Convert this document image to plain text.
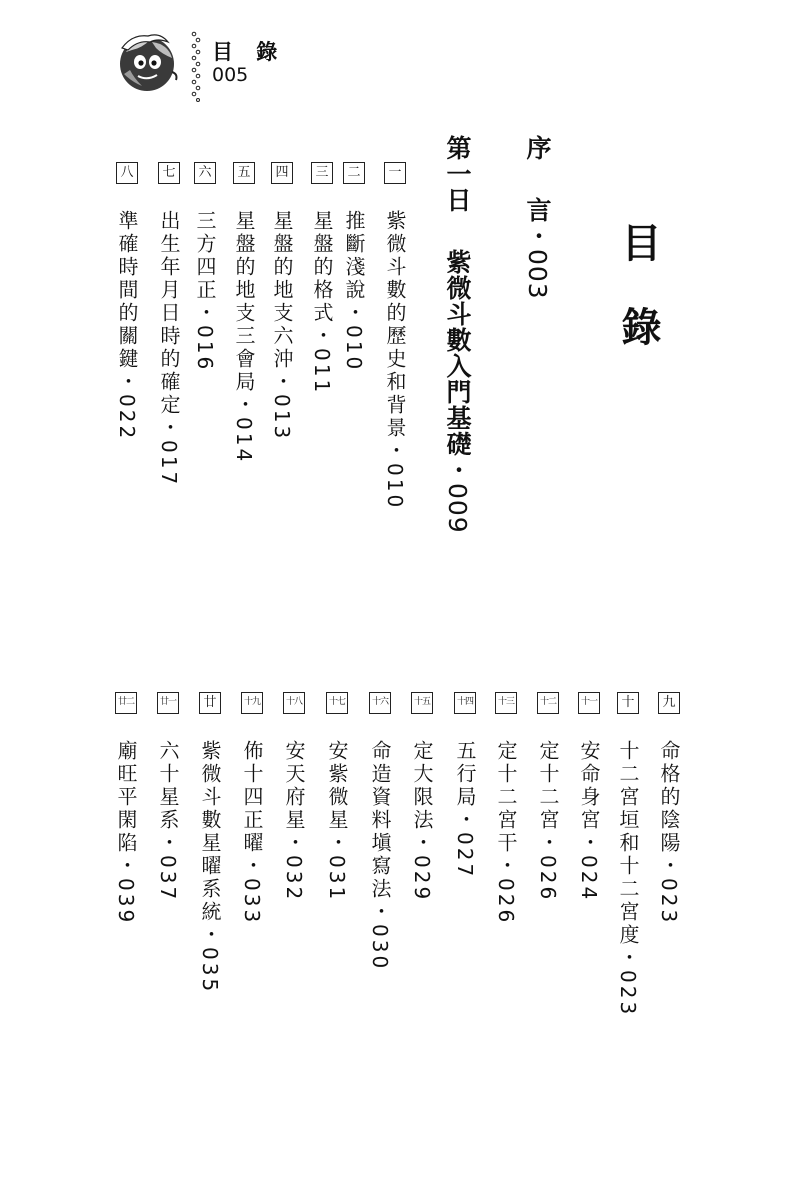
目 錄
005
目錄
序言・003
第一日紫微斗數入門基礎・009
一
紫微斗數的歷史和背景・010
二
推斷淺說・010
三
星盤的格式・011
四
星盤的地支六沖・013
五
星盤的地支三會局・014
六
三方四正・016
七
出生年月日時的確定・017
八
準確時間的關鍵・022
九
命格的陰陽・023
十
十二宮垣和十二宮度・023
十一
安命身宮・024
十二
定十二宮・026
十三
定十二宮干・026
十四
五行局・027
十五
定大限法・029
十六
命造資料塡寫法・030
十七
安紫微星・031
十八
安天府星・032
十九
佈十四正曜・033
廿
紫微斗數星曜系統・035
廿一
六十星系・037
廿二
廟旺平閑陷・039
